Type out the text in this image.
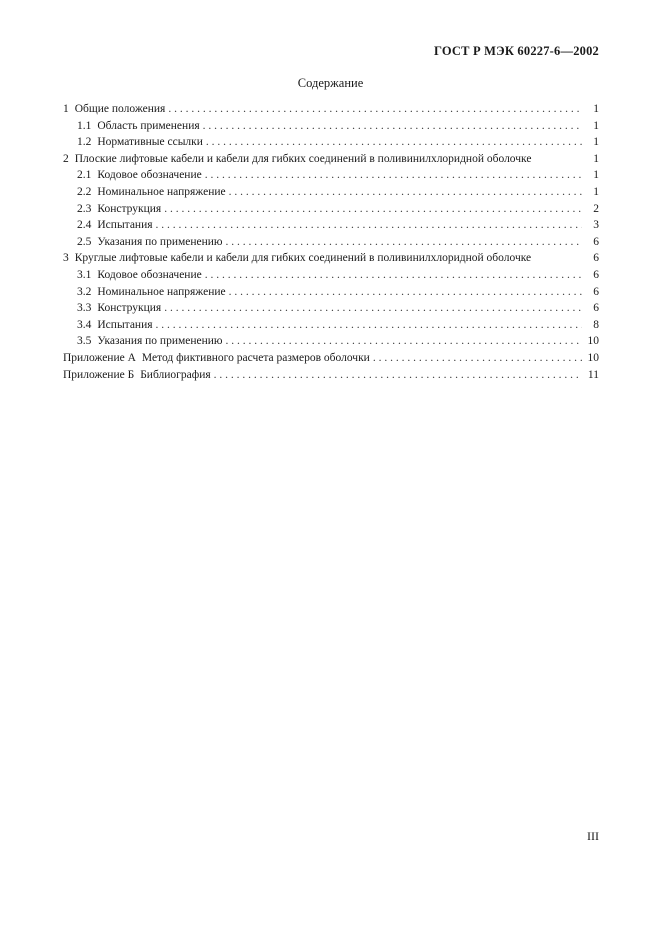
ГОСТ Р МЭК 60227-6—2002
Содержание
1 Общие положения . . .	1
1.1 Область применения . . .	1
1.2 Нормативные ссылки . . .	1
2 Плоские лифтовые кабели и кабели для гибких соединений в поливинилхлоридной оболочке	1
2.1 Кодовое обозначение . . .	1
2.2 Номинальное напряжение . . .	1
2.3 Конструкция . . .	2
2.4 Испытания . . .	3
2.5 Указания по применению . . .	6
3 Круглые лифтовые кабели и кабели для гибких соединений в поливинилхлоридной оболочке	6
3.1 Кодовое обозначение . . .	6
3.2 Номинальное напряжение . . .	6
3.3 Конструкция . . .	6
3.4 Испытания . . .	8
3.5 Указания по применению . . .	10
Приложение А Метод фиктивного расчета размеров оболочки . . .	10
Приложение Б Библиография . . .	11
III
